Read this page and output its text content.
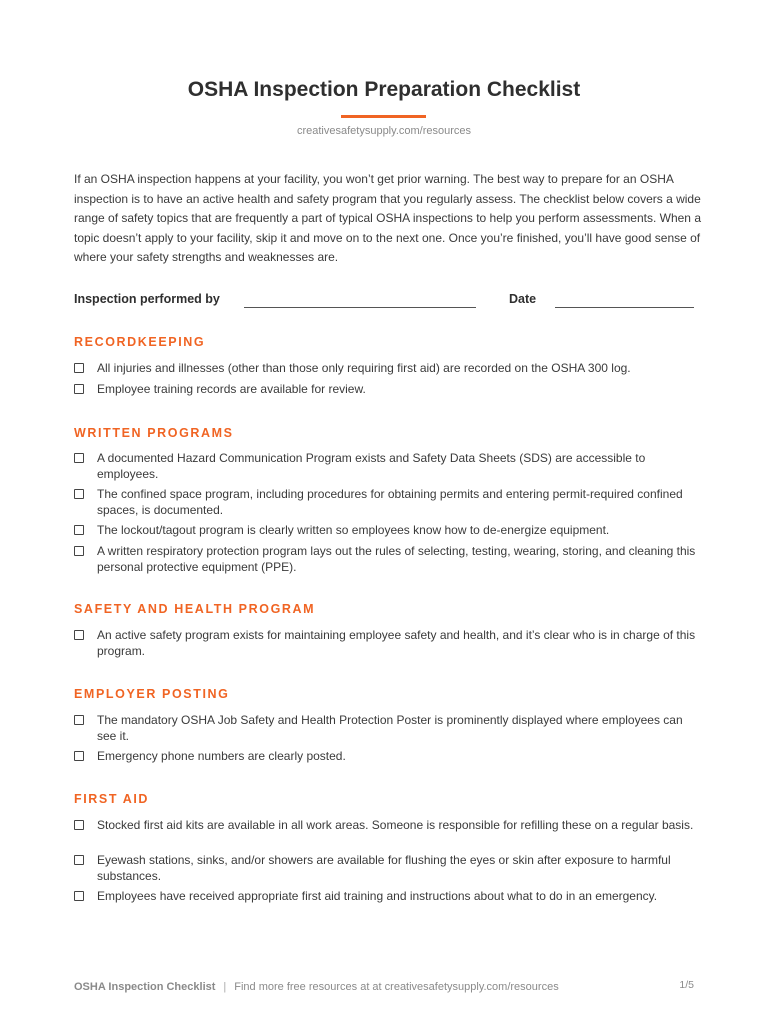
OSHA Inspection Preparation Checklist
creativesafetysupply.com/resources

If an OSHA inspection happens at your facility, you won’t get prior warning. The best way to prepare for an OSHA inspection is to have an active health and safety program that you regularly assess. The checklist below covers a wide range of safety topics that are frequently a part of typical OSHA inspections to help you perform assessments. When a topic doesn’t apply to your facility, skip it and move on to the next one. Once you’re finished, you’ll have good sense of where your safety strengths and weaknesses are.

Inspection performed by	Date
RECORDKEEPING
All injuries and illnesses (other than those only requiring first aid) are recorded on the OSHA 300 log.
Employee training records are available for review.
WRITTEN PROGRAMS
A documented Hazard Communication Program exists and Safety Data Sheets (SDS) are accessible to employees.
The confined space program, including procedures for obtaining permits and entering permit-required confined spaces, is documented.
The lockout/tagout program is clearly written so employees know how to de-energize equipment.
A written respiratory protection program lays out the rules of selecting, testing, wearing, storing, and cleaning this personal protective equipment (PPE).
SAFETY AND HEALTH PROGRAM
An active safety program exists for maintaining employee safety and health, and it’s clear who is in charge of this program.
EMPLOYER POSTING
The mandatory OSHA Job Safety and Health Protection Poster is prominently displayed where employees can see it.
Emergency phone numbers are clearly posted.
FIRST AID
Stocked first aid kits are available in all work areas. Someone is responsible for refilling these on a regular basis.
Eyewash stations, sinks, and/or showers are available for flushing the eyes or skin after exposure to harmful substances.
Employees have received appropriate first aid training and instructions about what to do in an emergency.
OSHA Inspection Checklist | Find more free resources at at creativesafetysupply.com/resources	1/5
